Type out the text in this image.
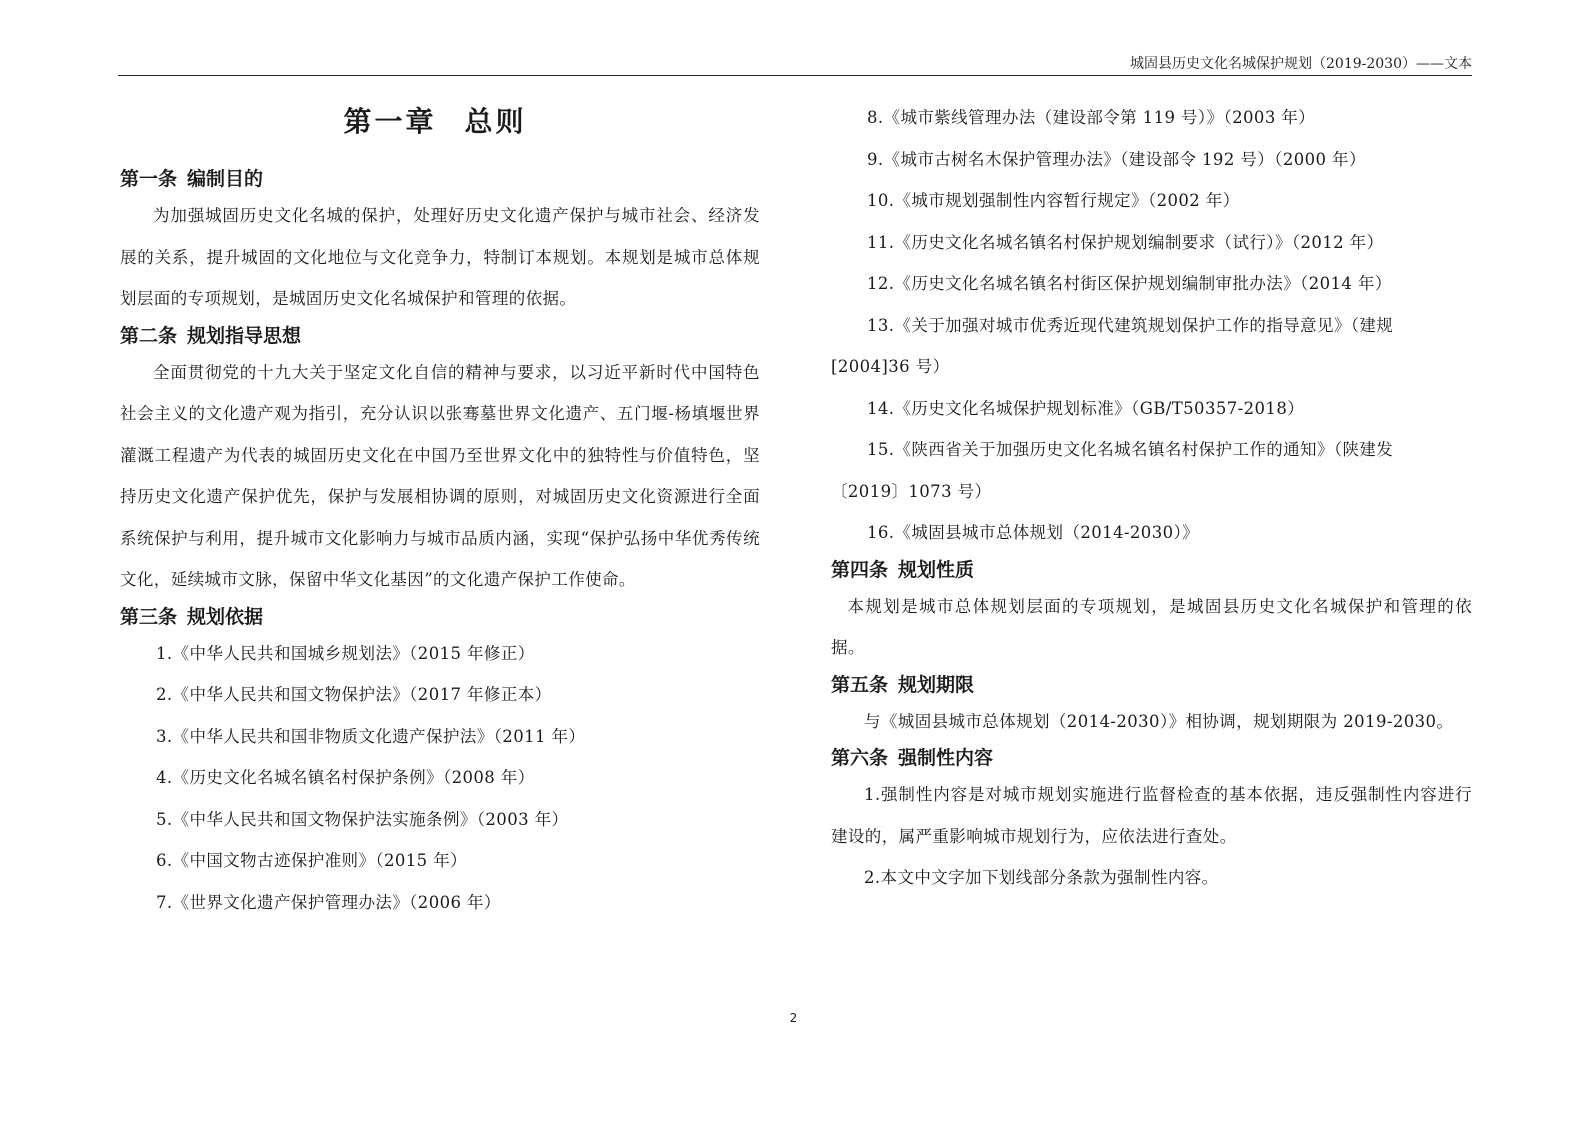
城固县历史文化名城保护规划（2019-2030）——文本
第一章 总则
第一条 编制目的

为加强城固历史文化名城的保护，处理好历史文化遗产保护与城市社会、经济发展的关系，提升城固的文化地位与文化竞争力，特制订本规划。本规划是城市总体规划层面的专项规划，是城固历史文化名城保护和管理的依据。

第二条 规划指导思想

全面贯彻党的十九大关于坚定文化自信的精神与要求，以习近平新时代中国特色社会主义的文化遗产观为指引，充分认识以张骞墓世界文化遗产、五门堰-杨填堰世界灌溉工程遗产为代表的城固历史文化在中国乃至世界文化中的独特性与价值特色，坚持历史文化遗产保护优先，保护与发展相协调的原则，对城固历史文化资源进行全面系统保护与利用，提升城市文化影响力与城市品质内涵，实现“保护弘扬中华优秀传统文化，延续城市文脉，保留中华文化基因”的文化遗产保护工作使命。

第三条 规划依据

1.《中华人民共和国城乡规划法》（2015 年修正）

2.《中华人民共和国文物保护法》（2017 年修正本）

3.《中华人民共和国非物质文化遗产保护法》（2011 年）

4.《历史文化名城名镇名村保护条例》（2008 年）

5.《中华人民共和国文物保护法实施条例》（2003 年）

6.《中国文物古迹保护准则》（2015 年）

7.《世界文化遗产保护管理办法》（2006 年）

8.《城市紫线管理办法（建设部令第 119 号）》（2003 年）

9.《城市古树名木保护管理办法》（建设部令 192 号）（2000 年）

10.《城市规划强制性内容暂行规定》（2002 年）

11.《历史文化名城名镇名村保护规划编制要求（试行）》（2012 年）

12.《历史文化名城名镇名村街区保护规划编制审批办法》（2014 年）

13.《关于加强对城市优秀近现代建筑规划保护工作的指导意见》（建规
[2004]36 号）

14.《历史文化名城保护规划标准》（GB/T50357-2018）

15.《陕西省关于加强历史文化名城名镇名村保护工作的通知》（陕建发
〔2019〕1073 号）

16.《城固县城市总体规划（2014-2030）》

第四条 规划性质

本规划是城市总体规划层面的专项规划，是城固县历史文化名城保护和管理的依据。

第五条 规划期限

与《城固县城市总体规划（2014-2030）》相协调，规划期限为 2019-2030。

第六条 强制性内容

1.强制性内容是对城市规划实施进行监督检查的基本依据，违反强制性内容进行建设的，属严重影响城市规划行为，应依法进行查处。

2.本文中文字加下划线部分条款为强制性内容。

2
